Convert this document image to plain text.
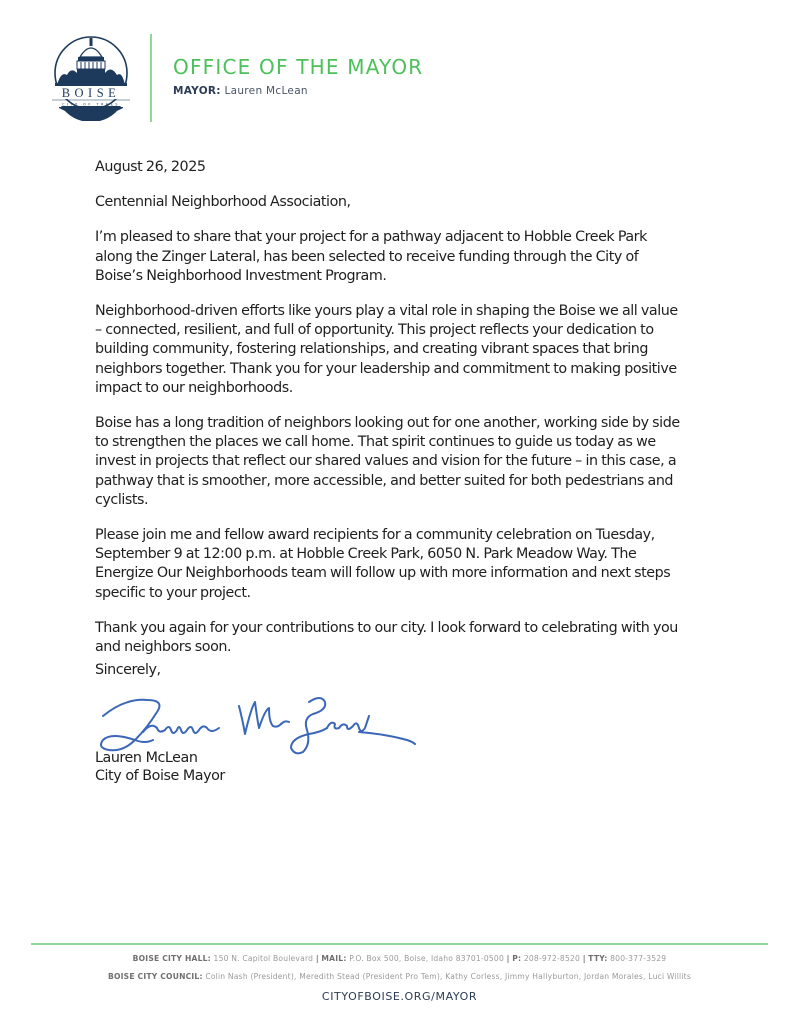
BOISE
CITY OF TREES
OFFICE OF THE MAYOR
MAYOR: Lauren McLean

August 26, 2025

Centennial Neighborhood Association,

I’m pleased to share that your project for a pathway adjacent to Hobble Creek Park
along the Zinger Lateral, has been selected to receive funding through the City of
Boise’s Neighborhood Investment Program.

Neighborhood-driven efforts like yours play a vital role in shaping the Boise we all value
– connected, resilient, and full of opportunity. This project reflects your dedication to
building community, fostering relationships, and creating vibrant spaces that bring
neighbors together. Thank you for your leadership and commitment to making positive
impact to our neighborhoods.

Boise has a long tradition of neighbors looking out for one another, working side by side
to strengthen the places we call home. That spirit continues to guide us today as we
invest in projects that reflect our shared values and vision for the future – in this case, a
pathway that is smoother, more accessible, and better suited for both pedestrians and
cyclists.

Please join me and fellow award recipients for a community celebration on Tuesday,
September 9 at 12:00 p.m. at Hobble Creek Park, 6050 N. Park Meadow Way. The
Energize Our Neighborhoods team will follow up with more information and next steps
specific to your project.

Thank you again for your contributions to our city. I look forward to celebrating with you
and neighbors soon.

Sincerely,
Lauren McLean
City of Boise Mayor
BOISE CITY HALL: 150 N. Capitol Boulevard | MAIL: P.O. Box 500, Boise, Idaho 83701-0500 | P: 208-972-8520 | TTY: 800-377-3529
BOISE CITY COUNCIL: Colin Nash (President), Meredith Stead (President Pro Tem), Kathy Corless, Jimmy Hallyburton, Jordan Morales, Luci Willits
CITYOFBOISE.ORG/MAYOR
